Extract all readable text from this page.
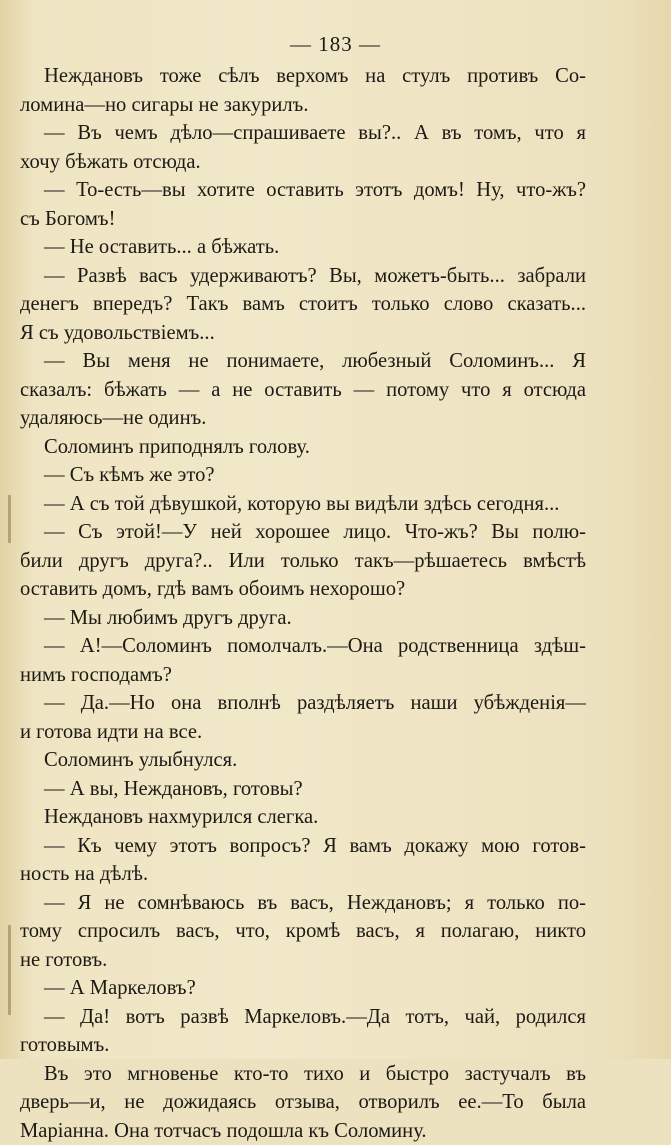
— 183 —
Неждановъ тоже сѣлъ верхомъ на стулъ противъ Со-
ломина—но сигары не закурилъ.
— Въ чемъ дѣло—спрашиваете вы?.. А въ томъ, что я
хочу бѣжать отсюда.
— То-есть—вы хотите оставить этотъ домъ! Ну, что-жъ?
съ Богомъ!
— Не оставить... а бѣжать.
— Развѣ васъ удерживаютъ? Вы, можетъ-быть... забрали
денегъ впередъ? Такъ вамъ стоитъ только слово сказать...
Я съ удовольствіемъ...
— Вы меня не понимаете, любезный Соломинъ... Я
сказалъ: бѣжать — а не оставить — потому что я отсюда
удаляюсь—не одинъ.
Соломинъ приподнялъ голову.
— Съ кѣмъ же это?
— А съ той дѣвушкой, которую вы видѣли здѣсь сегодня...
— Съ этой!—У ней хорошее лицо. Что-жъ? Вы полю-
били другъ друга?.. Или только такъ—рѣшаетесь вмѣстѣ
оставить домъ, гдѣ вамъ обоимъ нехорошо?
— Мы любимъ другъ друга.
— А!—Соломинъ помолчалъ.—Она родственница здѣш-
нимъ господамъ?
— Да.—Но она вполнѣ раздѣляетъ наши убѣжденія—
и готова идти на все.
Соломинъ улыбнулся.
— А вы, Неждановъ, готовы?
Неждановъ нахмурился слегка.
— Къ чему этотъ вопросъ? Я вамъ докажу мою готов-
ность на дѣлѣ.
— Я не сомнѣваюсь въ васъ, Неждановъ; я только по-
тому спросилъ васъ, что, кромѣ васъ, я полагаю, никто
не готовъ.
— А Маркеловъ?
— Да! вотъ развѣ Маркеловъ.—Да тотъ, чай, родился
готовымъ.
Въ это мгновенье кто-то тихо и быстро застучалъ въ
дверь—и, не дожидаясь отзыва, отворилъ ее.—То была
Маріанна. Она тотчасъ подошла къ Соломину.
